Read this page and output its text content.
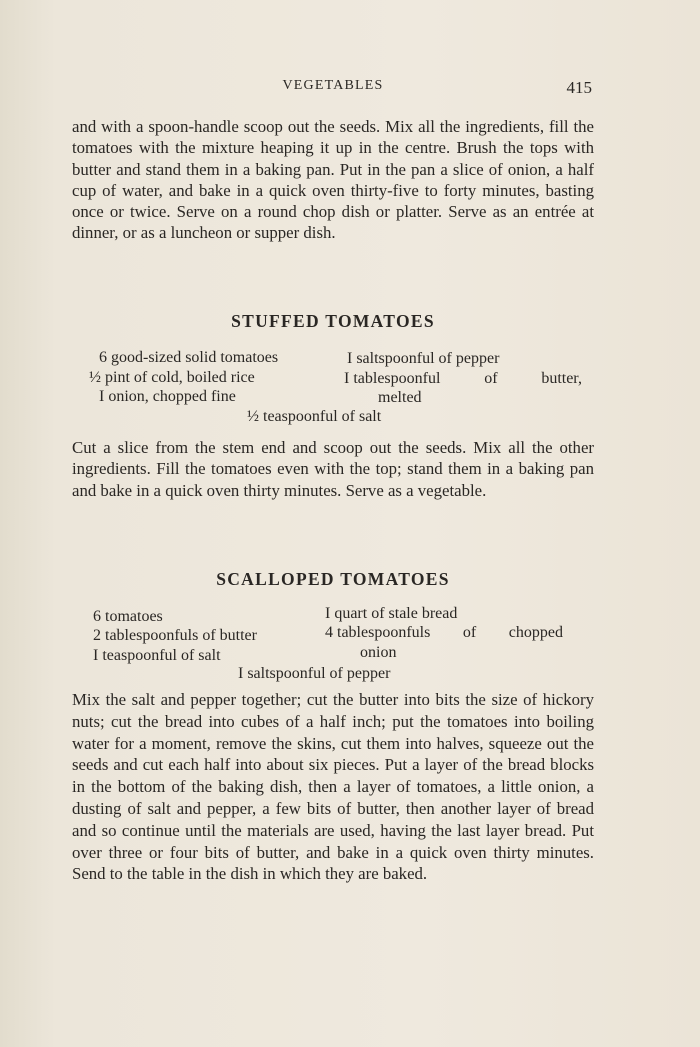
VEGETABLES	415

and with a spoon-handle scoop out the seeds. Mix all the ingredients, fill the tomatoes with the mixture heaping it up in the centre. Brush the tops with butter and stand them in a baking pan. Put in the pan a slice of onion, a half cup of water, and bake in a quick oven thirty-five to forty minutes, basting once or twice. Serve on a round chop dish or platter. Serve as an entrée at dinner, or as a luncheon or supper dish.

STUFFED TOMATOES
6 good-sized solid tomatoes
½ pint of cold, boiled rice
I onion, chopped fine
I saltspoonful of pepper
I tablespoonful	of	butter,
melted
½ teaspoonful of salt

Cut a slice from the stem end and scoop out the seeds. Mix all the other ingredients. Fill the tomatoes even with the top; stand them in a baking pan and bake in a quick oven thirty minutes. Serve as a vegetable.

SCALLOPED TOMATOES
6 tomatoes
2 tablespoonfuls of butter
I teaspoonful of salt
I quart of stale bread
4 tablespoonfuls of chopped
onion
I saltspoonful of pepper

Mix the salt and pepper together; cut the butter into bits the size of hickory nuts; cut the bread into cubes of a half inch; put the tomatoes into boiling water for a moment, remove the skins, cut them into halves, squeeze out the seeds and cut each half into about six pieces. Put a layer of the bread blocks in the bottom of the baking dish, then a layer of tomatoes, a little onion, a dusting of salt and pepper, a few bits of butter, then another layer of bread and so continue until the materials are used, having the last layer bread. Put over three or four bits of butter, and bake in a quick oven thirty minutes. Send to the table in the dish in which they are baked.
